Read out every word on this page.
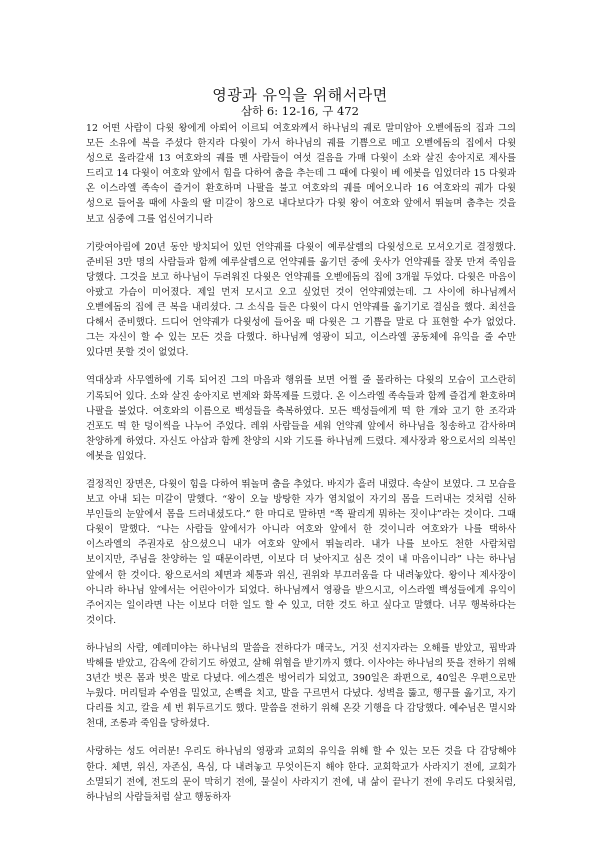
영광과 유익을 위해서라면
삼하 6: 12-16, 구 472

12 어떤 사람이 다윗 왕에게 아뢰어 이르되 여호와께서 하나님의 궤로 말미암아 오벧에돔의 집과 그의 모든 소유에 복을 주셨다 한지라 다윗이 가서 하나님의 궤를 기쁨으로 메고 오벧에돔의 집에서 다윗 성으로 올라갈새 13 여호와의 궤를 멘 사람들이 여섯 걸음을 가매 다윗이 소와 살진 송아지로 제사를 드리고 14 다윗이 여호와 앞에서 힘을 다하여 춤을 추는데 그 때에 다윗이 베 에봇을 입었더라 15 다윗과 온 이스라엘 족속이 즐거이 환호하며 나팔을 불고 여호와의 궤를 메어오니라 16 여호와의 궤가 다윗 성으로 들어올 때에 사울의 딸 미갈이 창으로 내다보다가 다윗 왕이 여호와 앞에서 뛰놀며 춤추는 것을 보고 심중에 그를 업신여기니라

기랏여아림에 20년 동안 방치되어 있던 언약궤를 다윗이 예루살렘의 다윗성으로 모셔오기로 결정했다. 준비된 3만 명의 사람들과 함께 예루살렘으로 언약궤를 옮기던 중에 웃사가 언약궤를 잘못 만져 죽임을 당했다. 그것을 보고 하나님이 두려워진 다윗은 언약궤를 오벧에돔의 집에 3개월 두었다. 다윗은 마음이 아팠고 가슴이 미어졌다. 제일 먼저 모시고 오고 싶었던 것이 언약궤였는데. 그 사이에 하나님께서 오벧에돔의 집에 큰 복을 내리셨다. 그 소식을 들은 다윗이 다시 언약궤를 옮기기로 결심을 했다. 최선을 다해서 준비했다. 드디어 언약궤가 다윗성에 들어올 때 다윗은 그 기쁨을 말로 다 표현할 수가 없었다. 그는 자신이 할 수 있는 모든 것을 다했다. 하나님께 영광이 되고, 이스라엘 공동체에 유익을 줄 수만 있다면 못할 것이 없었다.

역대상과 사무엘하에 기록 되어진 그의 마음과 행위를 보면 어쩔 줄 몰라하는 다윗의 모습이 고스란히 기록되어 있다. 소와 살진 송아지로 번제와 화목제를 드렸다. 온 이스라엘 족속들과 함께 즐겁게 환호하며 나팔을 불었다. 여호와의 이름으로 백성들을 축복하였다. 모든 백성들에게 떡 한 개와 고기 한 조각과 건포도 떡 한 덩이씩을 나누어 주었다. 레위 사람들을 세워 언약궤 앞에서 하나님을 칭송하고 감사하며 찬양하게 하였다. 자신도 아삽과 함께 찬양의 시와 기도를 하나님께 드렸다. 제사장과 왕으로서의 의복인 에봇을 입었다.

결정적인 장면은, 다윗이 힘을 다하여 뛰놀며 춤을 추었다. 바지가 흘러 내렸다. 속살이 보였다. 그 모습을 보고 아내 되는 미갈이 말했다. “왕이 오늘 방탕한 자가 염치없이 자기의 몸을 드러내는 것처럼 신하 부인들의 눈앞에서 몸을 드러내셨도다.” 한 마디로 말하면 “쪽 팔리게 뭐하는 짓이냐”라는 것이다. 그때 다윗이 말했다. “나는 사람들 앞에서가 아니라 여호와 앞에서 한 것이니라 여호와가 나를 택하사 이스라엘의 주권자로 삼으셨으니 내가 여호와 앞에서 뛰놀리라. 내가 나를 보아도 천한 사람처럼 보이지만, 주님을 찬양하는 일 때문이라면, 이보다 더 낮아지고 심은 것이 내 마음이니라” 나는 하나님 앞에서 한 것이다. 왕으로서의 체면과 체통과 위신, 권위와 부끄러움을 다 내려놓았다. 왕이나 제사장이 아니라 하나님 앞에서는 어린아이가 되었다. 하나님께서 영광을 받으시고, 이스라엘 백성들에게 유익이 주어지는 일이라면 나는 이보다 더한 일도 할 수 있고, 더한 것도 하고 싶다고 말했다. 너무 행복하다는 것이다.

하나님의 사람, 예레미야는 하나님의 말씀을 전하다가 매국노, 거짓 선지자라는 오해를 받았고, 핍박과 박해를 받았고, 감옥에 갇히기도 하였고, 살해 위협을 받기까지 했다. 이사야는 하나님의 뜻을 전하기 위해 3년간 벗은 몸과 벗은 발로 다녔다. 에스겔은 벙어리가 되었고, 390일은 좌편으로, 40일은 우편으로만 누웠다. 머리털과 수염을 밀었고, 손뼉을 치고, 발을 구르면서 다녔다. 성벽을 뚫고, 행구를 옮기고, 자기 다리를 치고, 칼을 세 번 휘두르기도 했다. 말씀을 전하기 위해 온갖 기행을 다 감당했다. 예수님은 멸시와 천대, 조롱과 죽임을 당하셨다.

사랑하는 성도 여러분! 우리도 하나님의 영광과 교회의 유익을 위해 할 수 있는 모든 것을 다 감당해야 한다. 체면, 위신, 자존심, 욕심, 다 내려놓고 무엇이든지 해야 한다. 교회학교가 사라지기 전에, 교회가 소멸되기 전에, 전도의 문이 막히기 전에, 물실이 사라지기 전에, 내 삶이 끝나기 전에 우리도 다윗처럼, 하나님의 사람들처럼 살고 행동하자
